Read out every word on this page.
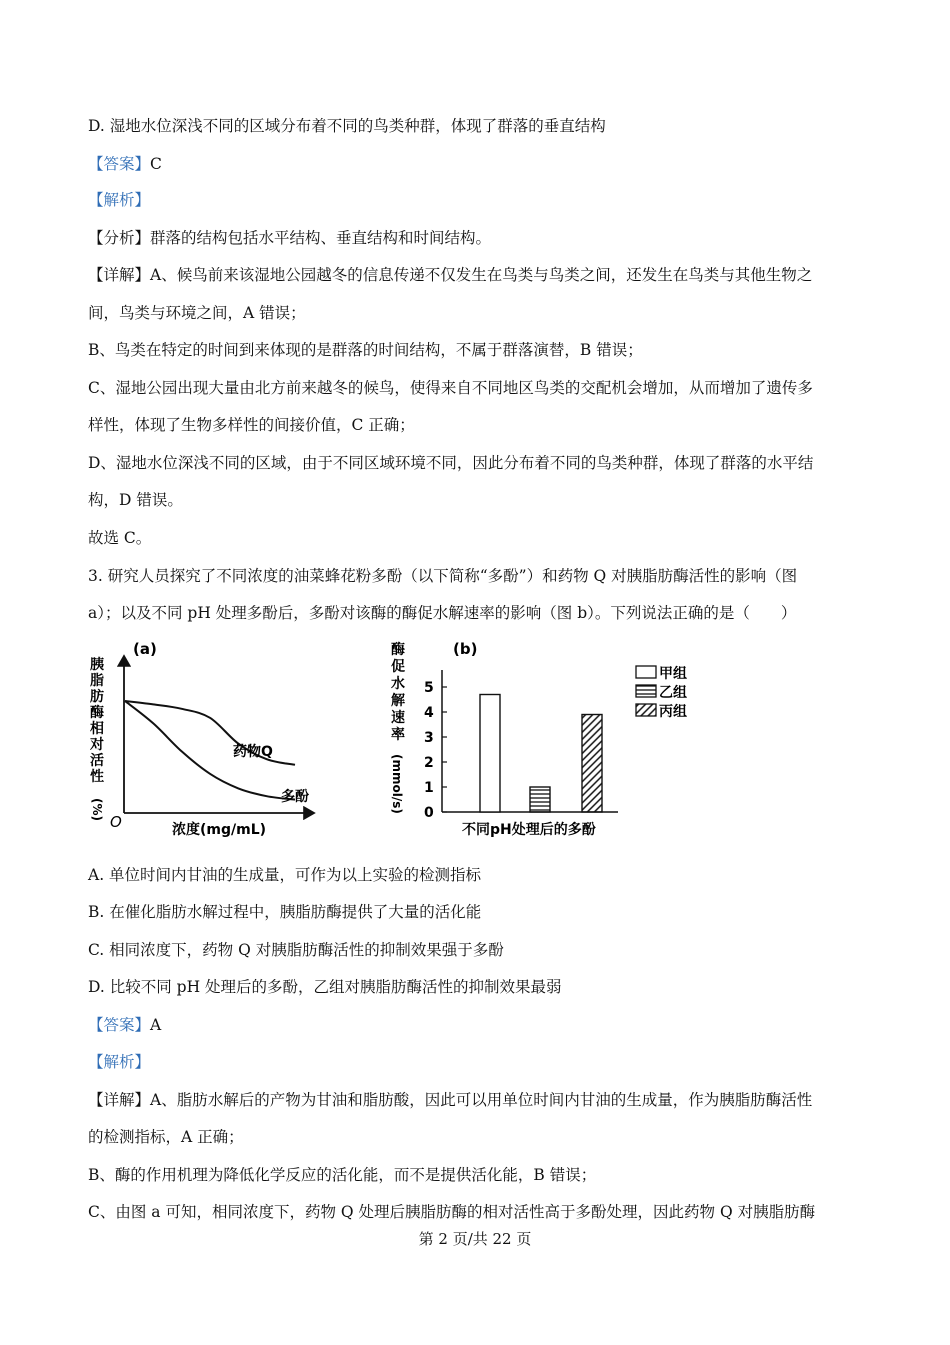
D. 湿地水位深浅不同的区域分布着不同的鸟类种群，体现了群落的垂直结构
【答案】C
【解析】
【分析】群落的结构包括水平结构、垂直结构和时间结构。
【详解】A、候鸟前来该湿地公园越冬的信息传递不仅发生在鸟类与鸟类之间，还发生在鸟类与其他生物之
间，鸟类与环境之间，A 错误；
B、鸟类在特定的时间到来体现的是群落的时间结构，不属于群落演替，B 错误；
C、湿地公园出现大量由北方前来越冬的候鸟，使得来自不同地区鸟类的交配机会增加，从而增加了遗传多
样性，体现了生物多样性的间接价值，C 正确；
D、湿地水位深浅不同的区域，由于不同区域环境不同，因此分布着不同的鸟类种群，体现了群落的水平结
构，D 错误。
故选 C。
3. 研究人员探究了不同浓度的油菜蜂花粉多酚（以下简称“多酚”）和药物 Q 对胰脂肪酶活性的影响（图
a）；以及不同 pH 处理多酚后，多酚对该酶的酶促水解速率的影响（图 b）。下列说法正确的是（　　）
(a)
胰
脂
肪
酶
相
对
活
性
(%)
O	浓度(mg/mL)
药物Q
多酚
(b)
酶
促
水
解
速
率
(mmol/s) 0
1
2
3
4
5
甲组
乙组
丙组
不同pH处理后的多酚
A. 单位时间内甘油的生成量，可作为以上实验的检测指标
B. 在催化脂肪水解过程中，胰脂肪酶提供了大量的活化能
C. 相同浓度下，药物 Q 对胰脂肪酶活性的抑制效果强于多酚
D. 比较不同 pH 处理后的多酚，乙组对胰脂肪酶活性的抑制效果最弱
【答案】A
【解析】
【详解】A、脂肪水解后的产物为甘油和脂肪酸，因此可以用单位时间内甘油的生成量，作为胰脂肪酶活性
的检测指标，A 正确；
B、酶的作用机理为降低化学反应的活化能，而不是提供活化能，B 错误；
C、由图 a 可知，相同浓度下，药物 Q 处理后胰脂肪酶的相对活性高于多酚处理，因此药物 Q 对胰脂肪酶
第 2 页/共 22 页
